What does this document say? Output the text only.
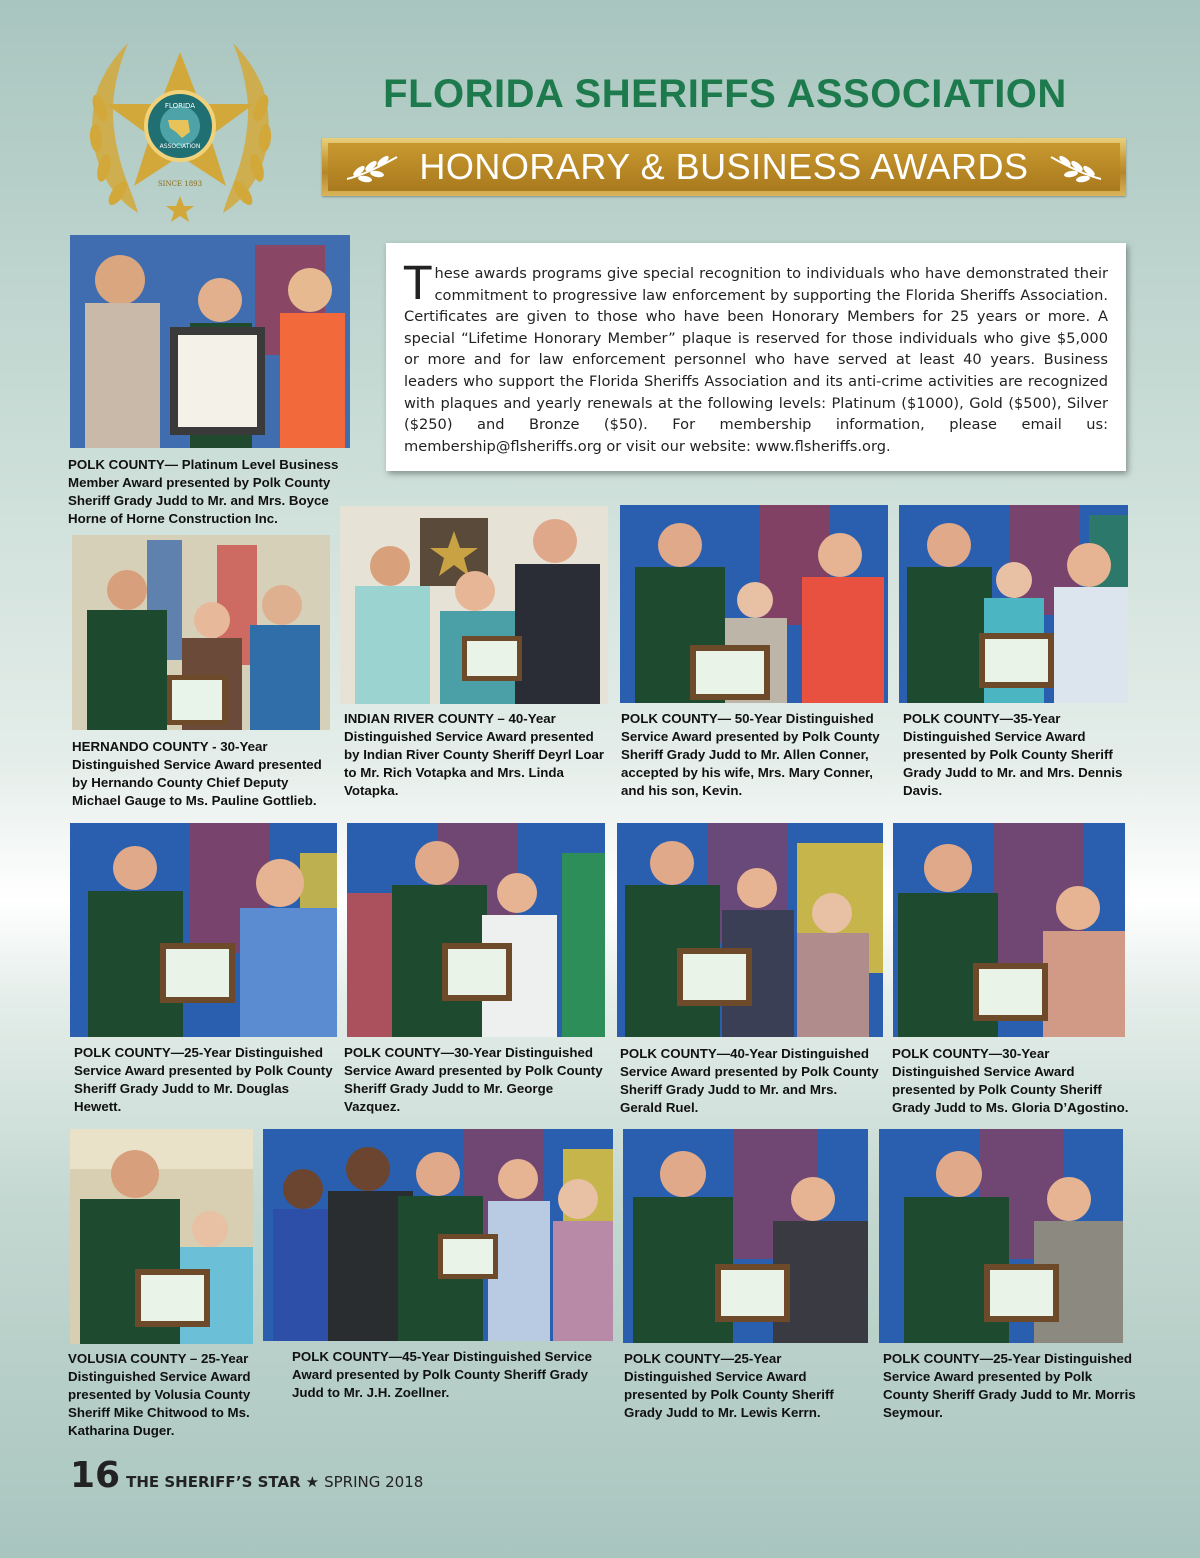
FLORIDA
ASSOCIATION
SINCE 1893
FLORIDA SHERIFFS ASSOCIATION
HONORARY & BUSINESS AWARDS
These awards programs give special recognition to individuals who have demonstrated their commitment to progressive law enforcement by supporting the Florida Sheriffs Association. Certificates are given to those who have been Honorary Members for 25 years or more. A special “Lifetime Honorary Member” plaque is reserved for those individuals who give $5,000 or more and for law enforcement personnel who have served at least 40 years. Business leaders who support the Florida Sheriffs Association and its anti-crime activities are recognized with plaques and yearly renewals at the following levels: Platinum ($1000), Gold ($500), Silver ($250) and Bronze ($50). For membership information, please email us: membership@flsheriffs.org or visit our website: www.flsheriffs.org.
POLK COUNTY— Platinum Level Business Member Award presented by Polk County Sheriff Grady Judd to Mr. and Mrs. Boyce Horne of Horne Construction Inc.
HERNANDO COUNTY - 30-Year Distinguished Service Award presented by Hernando County Chief Deputy Michael Gauge to Ms. Pauline Gottlieb.
INDIAN RIVER COUNTY – 40-Year Distinguished Service Award presented by Indian River County Sheriff Deyrl Loar to Mr. Rich Votapka and Mrs. Linda Votapka.
POLK COUNTY— 50-Year Distinguished Service Award presented by Polk County Sheriff Grady Judd to Mr. Allen Conner, accepted by his wife, Mrs. Mary Conner, and his son, Kevin.
POLK COUNTY—35-Year Distinguished Service Award presented by Polk County Sheriff Grady Judd to Mr. and Mrs. Dennis Davis.
POLK COUNTY—25-Year Distinguished Service Award presented by Polk County Sheriff Grady Judd to Mr. Douglas Hewett.
POLK COUNTY—30-Year Distinguished Service Award presented by Polk County Sheriff Grady Judd to Mr. George Vazquez.
POLK COUNTY—40-Year Distinguished Service Award presented by Polk County Sheriff Grady Judd to Mr. and Mrs. Gerald Ruel.
POLK COUNTY—30-Year Distinguished Service Award presented by Polk County Sheriff Grady Judd to Ms. Gloria D’Agostino.
VOLUSIA COUNTY – 25-Year Distinguished Service Award presented by Volusia County Sheriff Mike Chitwood to Ms. Katharina Duger.
POLK COUNTY—45-Year Distinguished Service Award presented by Polk County Sheriff Grady Judd to Mr. J.H. Zoellner.
POLK COUNTY—25-Year Distinguished Service Award presented by Polk County Sheriff Grady Judd to Mr. Lewis Kerrn.
POLK COUNTY—25-Year Distinguished Service Award presented by Polk County Sheriff Grady Judd to Mr. Morris Seymour.
16 THE SHERIFF’S STAR ★ SPRING 2018
